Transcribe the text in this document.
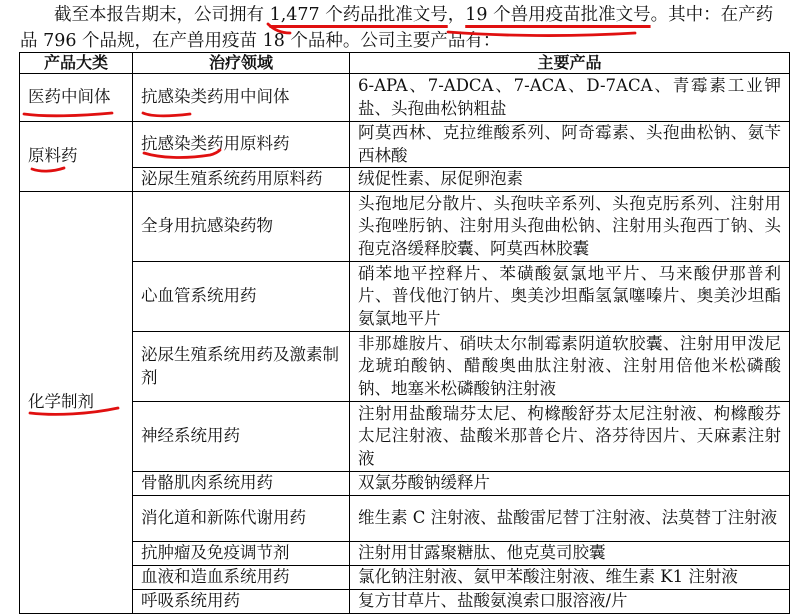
截至本报告期末，公司拥有 1,477 个药品批准文号，19 个兽用疫苗批准文号。其中：在产药
品 796 个品规，在产兽用疫苗 18 个品种。公司主要产品有：
产品大类	治疗领域	主要产品
医药中间体	抗感染类药用中间体	6-APA、7-ADCA、7-ACA、D-7ACA、青霉素工业钾盐、头孢曲松钠粗盐
原料药	抗感染类药用原料药	阿莫西林、克拉维酸系列、阿奇霉素、头孢曲松钠、氨苄西林酸
	泌尿生殖系统药用原料药	绒促性素、尿促卵泡素
化学制剂	全身用抗感染药物	头孢地尼分散片、头孢呋辛系列、头孢克肟系列、注射用头孢唑肟钠、注射用头孢曲松钠、注射用头孢西丁钠、头孢克洛缓释胶囊、阿莫西林胶囊
	心血管系统用药	硝苯地平控释片、苯磺酸氨氯地平片、马来酸伊那普利片、普伐他汀钠片、奥美沙坦酯氢氯噻嗪片、奥美沙坦酯氨氯地平片
	泌尿生殖系统用药及激素制剂	非那雄胺片、硝呋太尔制霉素阴道软胶囊、注射用甲泼尼龙琥珀酸钠、醋酸奥曲肽注射液、注射用倍他米松磷酸钠、地塞米松磷酸钠注射液
	神经系统用药	注射用盐酸瑞芬太尼、枸橼酸舒芬太尼注射液、枸橼酸芬太尼注射液、盐酸米那普仑片、洛芬待因片、天麻素注射液
	骨骼肌肉系统用药	双氯芬酸钠缓释片
	消化道和新陈代谢用药	维生素 C 注射液、盐酸雷尼替丁注射液、法莫替丁注射液
	抗肿瘤及免疫调节剂	注射用甘露聚糖肽、他克莫司胶囊
	血液和造血系统用药	氯化钠注射液、氨甲苯酸注射液、维生素 K1 注射液
	呼吸系统用药	复方甘草片、盐酸氨溴索口服溶液/片
